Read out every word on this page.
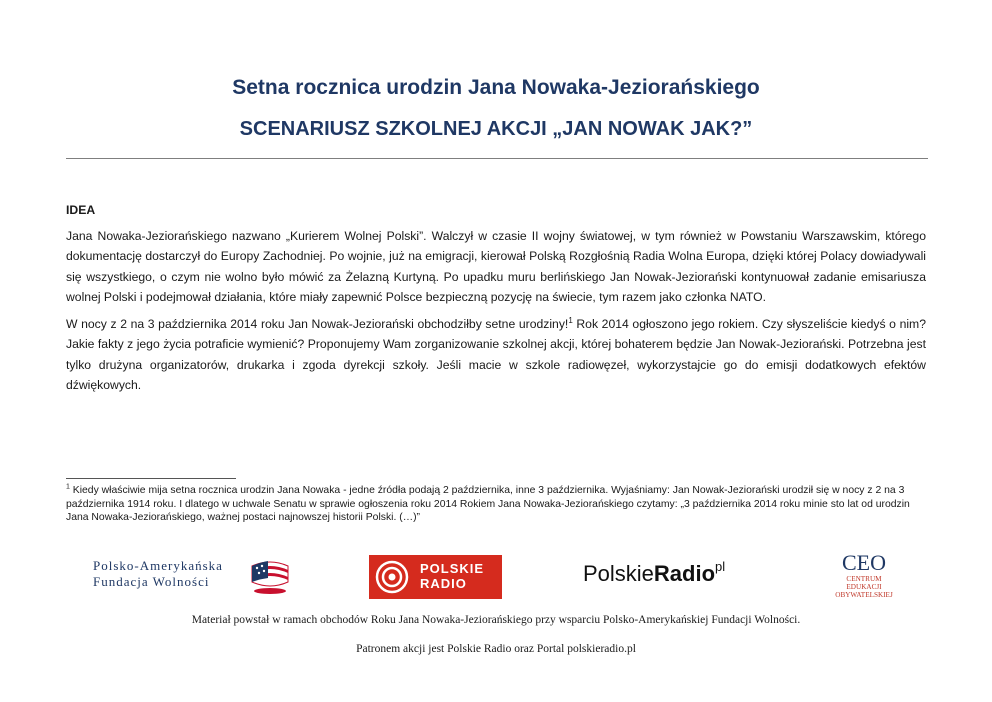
Setna rocznica urodzin Jana Nowaka-Jeziorańskiego
SCENARIUSZ SZKOLNEJ AKCJI „JAN NOWAK JAK?”
IDEA

Jana Nowaka-Jeziorańskiego nazwano „Kurierem Wolnej Polski”. Walczył w czasie II wojny światowej, w tym również w Powstaniu Warszawskim, którego dokumentację dostarczył do Europy Zachodniej. Po wojnie, już na emigracji, kierował Polską Rozgłośnią Radia Wolna Europa, dzięki której Polacy dowiadywali się wszystkiego, o czym nie wolno było mówić za Żelazną Kurtyną. Po upadku muru berlińskiego Jan Nowak-Jeziorański kontynuował zadanie emisariusza wolnej Polski i podejmował działania, które miały zapewnić Polsce bezpieczną pozycję na świecie, tym razem jako członka NATO.

W nocy z 2 na 3 października 2014 roku Jan Nowak-Jeziorański obchodziłby setne urodziny!$^1$ Rok 2014 ogłoszono jego rokiem. Czy słyszeliście kiedyś o nim? Jakie fakty z jego życia potraficie wymienić? Proponujemy Wam zorganizowanie szkolnej akcji, której bohaterem będzie Jan Nowak-Jeziorański. Potrzebna jest tylko drużyna organizatorów, drukarka i zgoda dyrekcji szkoły. Jeśli macie w szkole radiowęzeł, wykorzystajcie go do emisji dodatkowych efektów dźwiękowych.

$^1$ Kiedy właściwie mija setna rocznica urodzin Jana Nowaka - jedne źródła podają 2 października, inne 3 października. Wyjaśniamy: Jan Nowak-Jeziorański urodził się w nocy z 2 na 3 października 1914 roku. I dlatego w uchwale Senatu w sprawie ogłoszenia roku 2014 Rokiem Jana Nowaka-Jeziorańskiego czytamy: „3 października 2014 roku minie sto lat od urodzin Jana Nowaka-Jeziorańskiego, ważnej postaci najnowszej historii Polski. (…)”
Polsko-Amerykańska
Fundacja Wolności
POLSKIE
RADIO	PolskieRadio$^{pl}$	CEO
CENTRUM EDUKACJI
OBYWATELSKIEJ
Materiał powstał w ramach obchodów Roku Jana Nowaka-Jeziorańskiego przy wsparciu Polsko-Amerykańskiej Fundacji Wolności.
Patronem akcji jest Polskie Radio oraz Portal polskieradio.pl
